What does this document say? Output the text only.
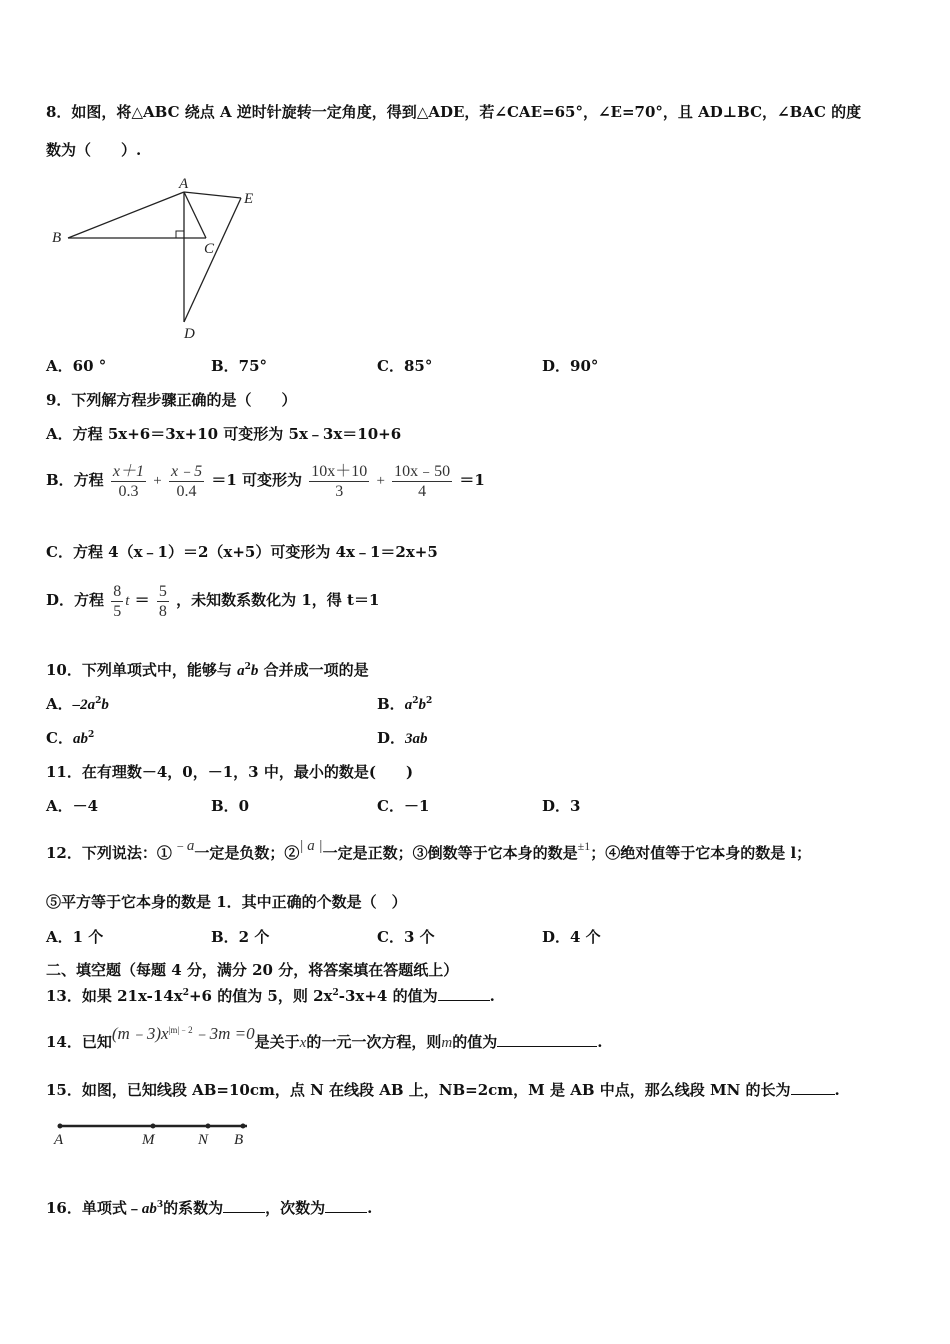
8．如图，将△ABC 绕点 A 逆时针旋转一定角度，得到△ADE，若∠CAE=65°，∠E=70°，且 AD⊥BC，∠BAC 的度
数为（　　）.
A
B
C
D
E
A．60 °	B．75°	C．85°	D．90°
9．下列解方程步骤正确的是（　　）
A．方程 5x+6＝3x+10 可变形为 5x﹣3x＝10+6
B．方程 $\frac{x+1}{0.3} + \frac{x﹣5}{0.4} =1$ 可变形为 $\frac{10x+10}{3} + \frac{10x﹣50}{4} =1$
C．方程 4（x﹣1）＝2（x+5）可变形为 4x﹣1＝2x+5
D．方程 $\frac{8}{5}$ $t = \frac{5}{8}$ ，未知数系数化为 1，得 t＝1
10．下列单项式中，能够与 $a^2b$ 合并成一项的是
A．$-2a^2b$	B．$a^2b^2$
C．$ab^2$	D．3ab
11．在有理数－4，0，－1，3 中，最小的数是(　　)
A．－4	B．0	C．－1	D．3
12．下列说法：①﹣a一定是负数；②| a |一定是正数；③倒数等于它本身的数是$^{\pm 1}$；④绝对值等于它本身的数是 l；
⑤平方等于它本身的数是 1．其中正确的个数是（　）
A．1 个	B．2 个	C．3 个	D．4 个
二、填空题（每题 4 分，满分 20 分，将答案填在答题纸上）
13．如果 $21x-14x^2+6$ 的值为 5，则 $2x^2-3x+4$ 的值为	.
14．已知$(m﹣3)x^{|m|﹣2}﹣3m =0$是关于x的一元一次方程，则m的值为	.
15．如图，已知线段 AB=10cm，点 N 在线段 AB 上，NB=2cm，M 是 AB 中点，那么线段 MN 的长为	.
A	M	N B
16．单项式$﹣ab^3$的系数为	，次数为	.
